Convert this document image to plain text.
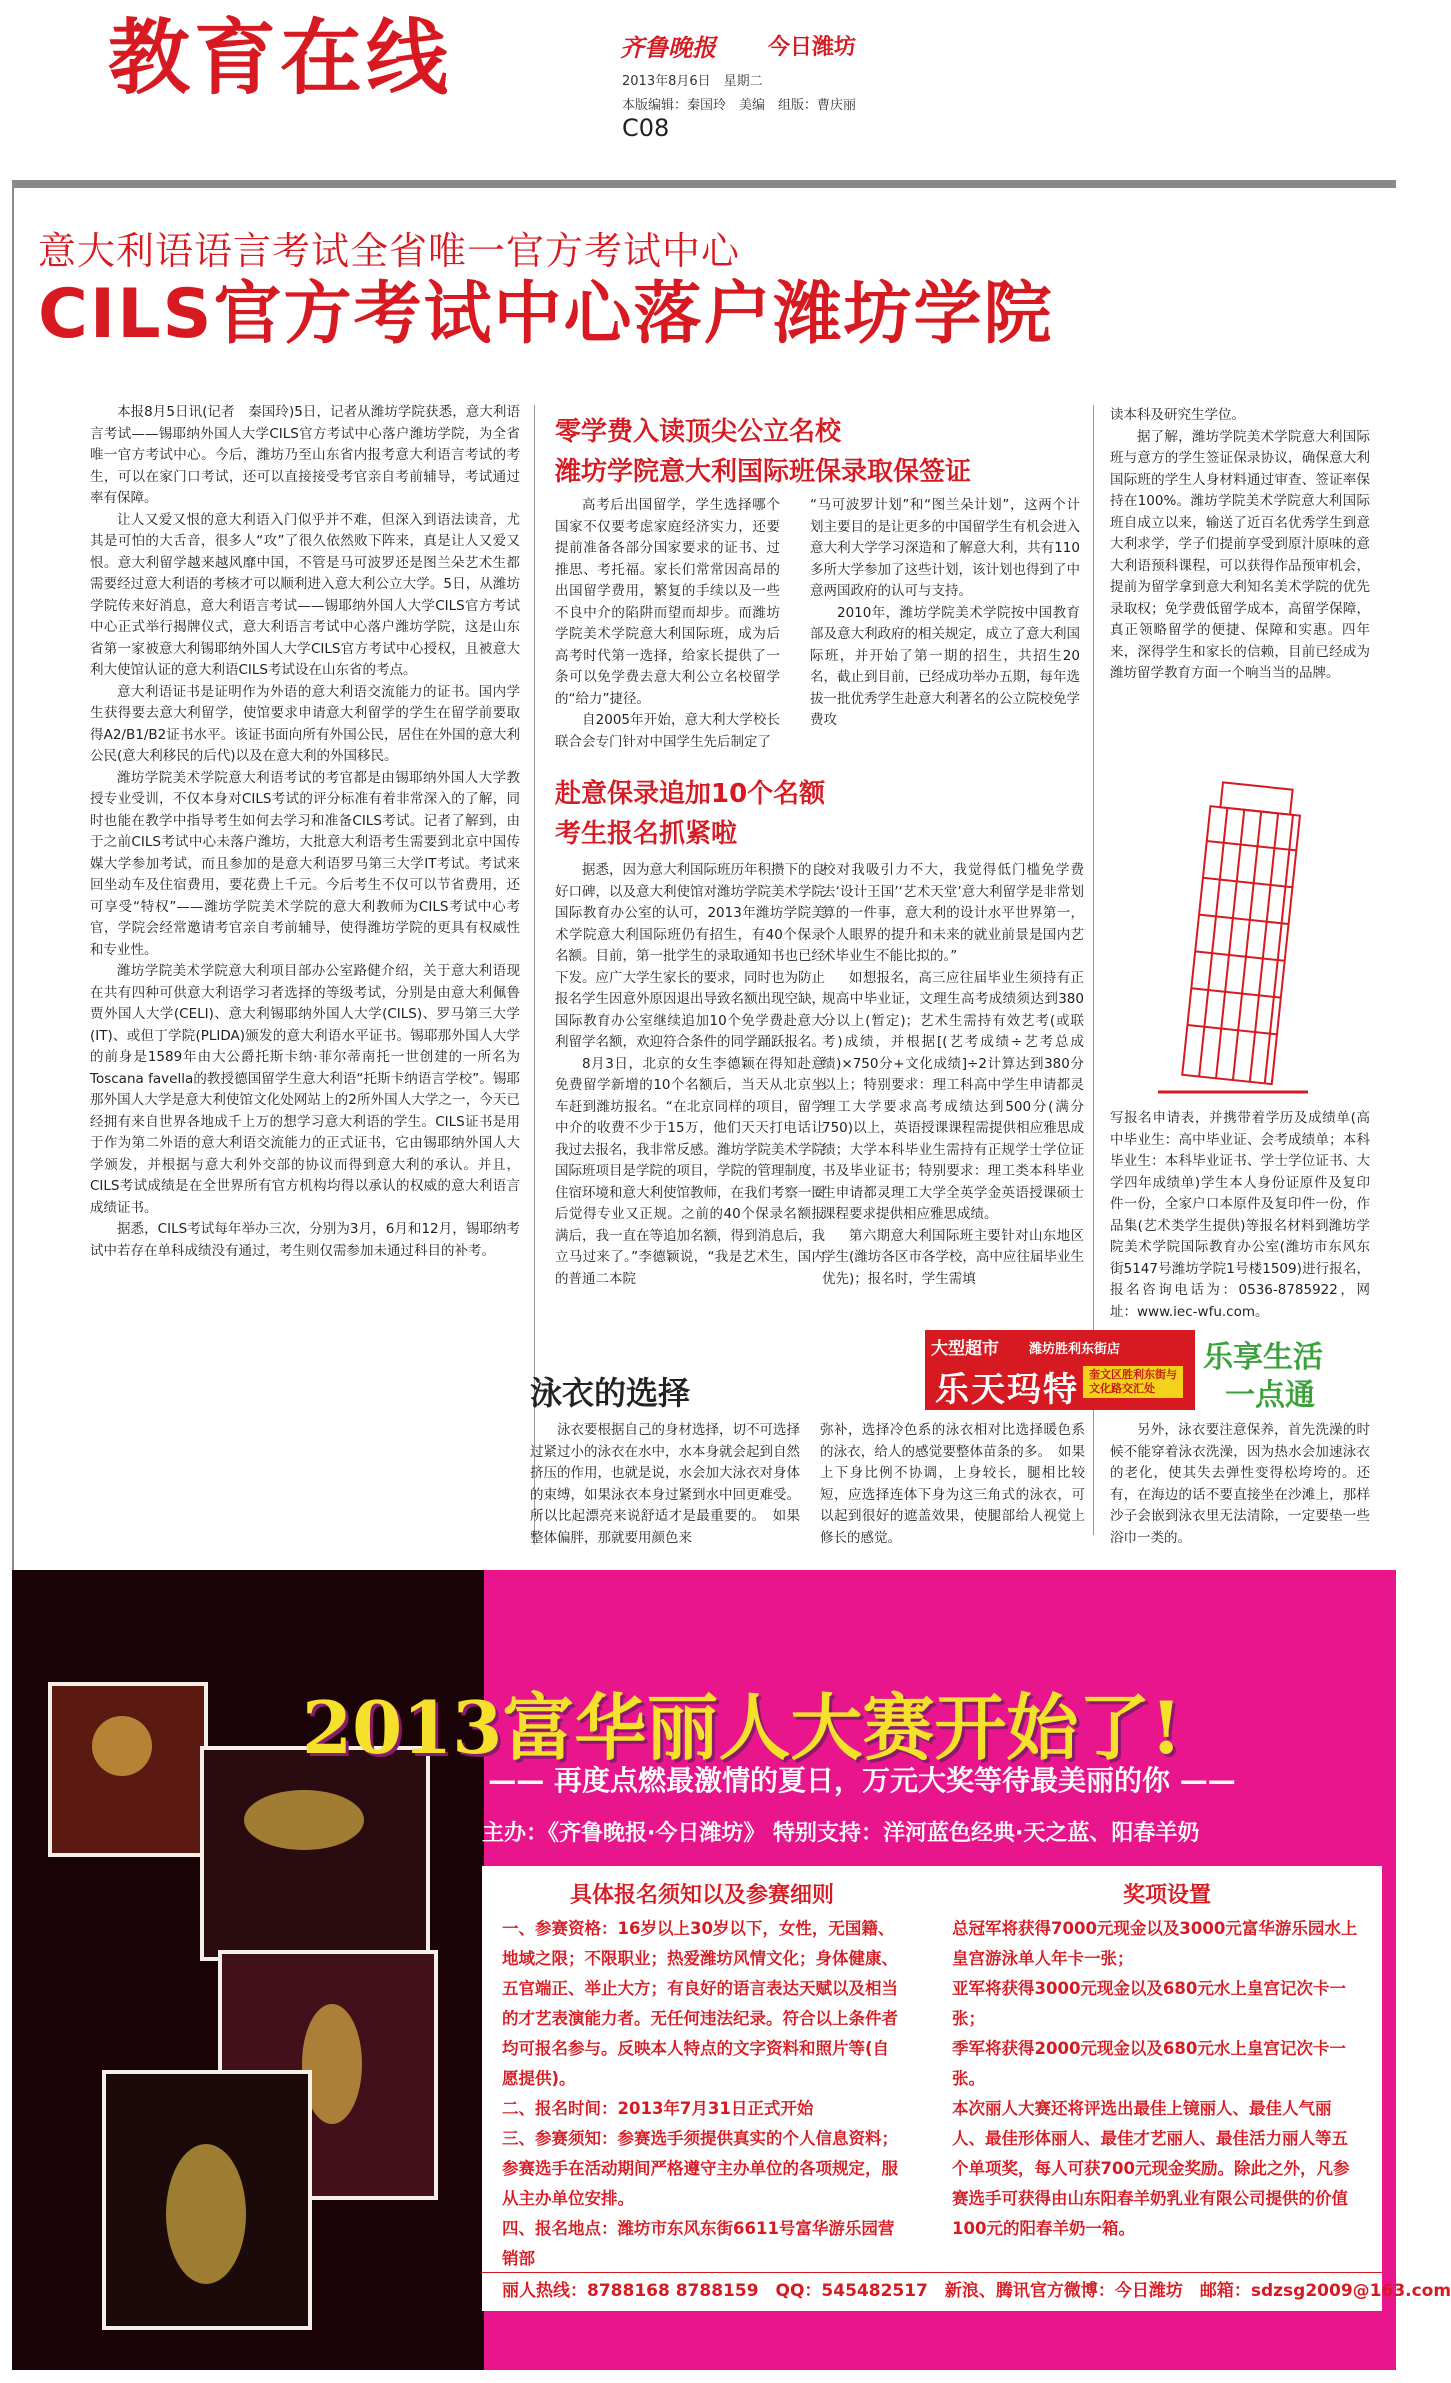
教育在线	齐鲁晚报 今日潍坊
2013年8月6日　星期二
本版编辑：秦国玲　美编　组版：曹庆丽
C08
意大利语语言考试全省唯一官方考试中心
CILS官方考试中心落户潍坊学院

本报8月5日讯(记者　秦国玲)5日，记者从潍坊学院获悉，意大利语言考试——锡耶纳外国人大学CILS官方考试中心落户潍坊学院，为全省唯一官方考试中心。今后，潍坊乃至山东省内报考意大利语言考试的考生，可以在家门口考试，还可以直接接受考官亲自考前辅导，考试通过率有保障。

让人又爱又恨的意大利语入门似乎并不难，但深入到语法读音，尤其是可怕的大舌音，很多人“攻”了很久依然败下阵来，真是让人又爱又恨。意大利留学越来越风靡中国，不管是马可波罗还是图兰朵艺术生都需要经过意大利语的考核才可以顺利进入意大利公立大学。5日，从潍坊学院传来好消息，意大利语言考试——锡耶纳外国人大学CILS官方考试中心正式举行揭牌仪式，意大利语言考试中心落户潍坊学院，这是山东省第一家被意大利锡耶纳外国人大学CILS官方考试中心授权，且被意大利大使馆认证的意大利语CILS考试设在山东省的考点。

意大利语证书是证明作为外语的意大利语交流能力的证书。国内学生获得要去意大利留学，使馆要求申请意大利留学的学生在留学前要取得A2/B1/B2证书水平。该证书面向所有外国公民，居住在外国的意大利公民(意大利移民的后代)以及在意大利的外国移民。

潍坊学院美术学院意大利语考试的考官都是由锡耶纳外国人大学教授专业受训，不仅本身对CILS考试的评分标准有着非常深入的了解，同时也能在教学中指导考生如何去学习和准备CILS考试。记者了解到，由于之前CILS考试中心未落户潍坊，大批意大利语考生需要到北京中国传媒大学参加考试，而且参加的是意大利语罗马第三大学IT考试。考试来回坐动车及住宿费用，要花费上千元。今后考生不仅可以节省费用，还可享受“特权”——潍坊学院美术学院的意大利教师为CILS考试中心考官，学院会经常邀请考官亲自考前辅导，使得潍坊学院的更具有权威性和专业性。

潍坊学院美术学院意大利项目部办公室路健介绍，关于意大利语现在共有四种可供意大利语学习者选择的等级考试，分别是由意大利佩鲁贾外国人大学(CELI)、意大利锡耶纳外国人大学(CILS)、罗马第三大学(IT)、或但丁学院(PLIDA)颁发的意大利语水平证书。锡耶那外国人大学的前身是1589年由大公爵托斯卡纳·菲尔蒂南托一世创建的一所名为Toscana favella的教授德国留学生意大利语“托斯卡纳语言学校”。锡耶那外国人大学是意大利使馆文化处网站上的2所外国人大学之一，今天已经拥有来自世界各地成千上万的想学习意大利语的学生。CILS证书是用于作为第二外语的意大利语交流能力的正式证书，它由锡耶纳外国人大学颁发，并根据与意大利外交部的协议而得到意大利的承认。并且，CILS考试成绩是在全世界所有官方机构均得以承认的权威的意大利语言成绩证书。

据悉，CILS考试每年举办三次，分别为3月，6月和12月，锡耶纳考试中若存在单科成绩没有通过，考生则仅需参加未通过科目的补考。

零学费入读顶尖公立名校
潍坊学院意大利国际班保录取保签证

高考后出国留学，学生选择哪个国家不仅要考虑家庭经济实力，还要提前准备各部分国家要求的证书、过推思、考托福。家长们常常因高昂的出国留学费用，繁复的手续以及一些不良中介的陷阱而望而却步。而潍坊学院美术学院意大利国际班，成为后高考时代第一选择，给家长提供了一条可以免学费去意大利公立名校留学的“给力”捷径。

自2005年开始，意大利大学校长联合会专门针对中国学生先后制定了

“马可波罗计划”和“图兰朵计划”，这两个计划主要目的是让更多的中国留学生有机会进入意大利大学学习深造和了解意大利，共有110多所大学参加了这些计划，该计划也得到了中意两国政府的认可与支持。

2010年，潍坊学院美术学院按中国教育部及意大利政府的相关规定，成立了意大利国际班，并开始了第一期的招生，共招生20名，截止到目前，已经成功举办五期，每年选拔一批优秀学生赴意大利著名的公立院校免学费攻

读本科及研究生学位。

据了解，潍坊学院美术学院意大利国际班与意方的学生签证保录协议，确保意大利国际班的学生人身材料通过审查、签证率保持在100%。潍坊学院美术学院意大利国际班自成立以来，输送了近百名优秀学生到意大利求学，学子们提前享受到原汁原味的意大利语预科课程，可以获得作品预审机会，提前为留学拿到意大利知名美术学院的优先录取权；免学费低留学成本，高留学保障，真正领略留学的便捷、保障和实惠。四年来，深得学生和家长的信赖，目前已经成为潍坊留学教育方面一个响当当的品牌。

写报名申请表，并携带着学历及成绩单(高中毕业生：高中毕业证、会考成绩单；本科毕业生：本科毕业证书、学士学位证书、大学四年成绩单)学生本人身份证原件及复印件一份，全家户口本原件及复印件一份，作品集(艺术类学生提供)等报名材料到潍坊学院美术学院国际教育办公室(潍坊市东风东街5147号潍坊学院1号楼1509)进行报名，报名咨询电话为：0536-8785922，网址：www.iec-wfu.com。

赴意保录追加10个名额
考生报名抓紧啦

据悉，因为意大利国际班历年积攒下的良好口碑，以及意大利使馆对潍坊学院美术学院国际教育办公室的认可，2013年潍坊学院美术学院意大利国际班仍有招生，有40个保录名额。目前，第一批学生的录取通知书也已经下发。应广大学生家长的要求，同时也为防止报名学生因意外原因退出导致名额出现空缺，国际教育办公室继续追加10个免学费赴意大利留学名额，欢迎符合条件的同学踊跃报名。

8月3日，北京的女生李德颖在得知赴意免费留学新增的10个名额后，当天从北京坐车赶到潍坊报名。“在北京同样的项目，留学中介的收费不少于15万，他们天天打电话让我过去报名，我非常反感。潍坊学院美术学院国际班项目是学院的项目，学院的管理制度，住宿环境和意大利使馆教师，在我们考察一圈后觉得专业又正规。之前的40个保录名额报满后，我一直在等追加名额，得到消息后，我立马过来了。”李德颖说，“我是艺术生，国内的普通二本院

校对我吸引力不大，我觉得低门槛免学费去‘设计王国’‘艺术天堂’意大利留学是非常划算的一件事，意大利的设计水平世界第一，个人眼界的提升和未来的就业前景是国内艺术毕业生不能比拟的。”

如想报名，高三应往届毕业生须持有正规高中毕业证，文理生高考成绩须达到380分以上(暂定)；艺术生需持有效艺考(或联考)成绩，并根据[(艺考成绩÷艺考总成绩)×750分+文化成绩]÷2计算达到380分以上；特别要求：理工科高中学生申请都灵理工大学要求高考成绩达到500分(满分750)以上，英语授课课程需提供相应雅思成绩；大学本科毕业生需持有正规学士学位证书及毕业证书；特别要求：理工类本科毕业生申请都灵理工大学全英学金英语授课硕士课程要求提供相应雅思成绩。

第六期意大利国际班主要针对山东地区学生(潍坊各区市各学校，高中应往届毕业生优先)；报名时，学生需填

大型超市 潍坊胜利东街店
乐天玛特 奎文区胜利东街与
文化路交汇处
乐享生活
一点通
泳衣的选择

泳衣要根据自己的身材选择，切不可选择过紧过小的泳衣在水中，水本身就会起到自然挤压的作用，也就是说，水会加大泳衣对身体的束缚，如果泳衣本身过紧到水中回更难受。所以比起漂亮来说舒适才是最重要的。　如果整体偏胖，那就要用颜色来

弥补，选择冷色系的泳衣相对比选择暖色系的泳衣，给人的感觉要整体苗条的多。　如果上下身比例不协调，上身较长，腿相比较短，应选择连体下身为这三角式的泳衣，可以起到很好的遮盖效果，使腿部给人视觉上修长的感觉。

另外，泳衣要注意保养，首先洗澡的时候不能穿着泳衣洗澡，因为热水会加速泳衣的老化，使其失去弹性变得松垮垮的。还有，在海边的话不要直接坐在沙滩上，那样沙子会嵌到泳衣里无法清除，一定要垫一些浴巾一类的。

2013富华丽人大赛开始了!
—— 再度点燃最激情的夏日，万元大奖等待最美丽的你 ——
主办：《齐鲁晚报·今日潍坊》 特别支持：洋河蓝色经典·天之蓝、阳春羊奶
具体报名须知以及参赛细则
一、参赛资格：16岁以上30岁以下，女性，无国籍、地域之限；不限职业；热爱潍坊风情文化；身体健康、五官端正、举止大方；有良好的语言表达天赋以及相当的才艺表演能力者。无任何违法纪录。符合以上条件者均可报名参与。反映本人特点的文字资料和照片等(自愿提供)。
二、报名时间：2013年7月31日正式开始
三、参赛须知：参赛选手须提供真实的个人信息资料；参赛选手在活动期间严格遵守主办单位的各项规定，服从主办单位安排。
四、报名地点：潍坊市东风东街6611号富华游乐园营销部
奖项设置
总冠军将获得7000元现金以及3000元富华游乐园水上皇宫游泳单人年卡一张；
亚军将获得3000元现金以及680元水上皇宫记次卡一张；
季军将获得2000元现金以及680元水上皇宫记次卡一张。
本次丽人大赛还将评选出最佳上镜丽人、最佳人气丽人、最佳形体丽人、最佳才艺丽人、最佳活力丽人等五个单项奖，每人可获700元现金奖励。除此之外，凡参赛选手可获得由山东阳春羊奶乳业有限公司提供的价值100元的阳春羊奶一箱。
丽人热线：8788168 8788159　QQ：545482517　新浪、腾讯官方微博：今日潍坊　邮箱：sdzsg2009@163.com
